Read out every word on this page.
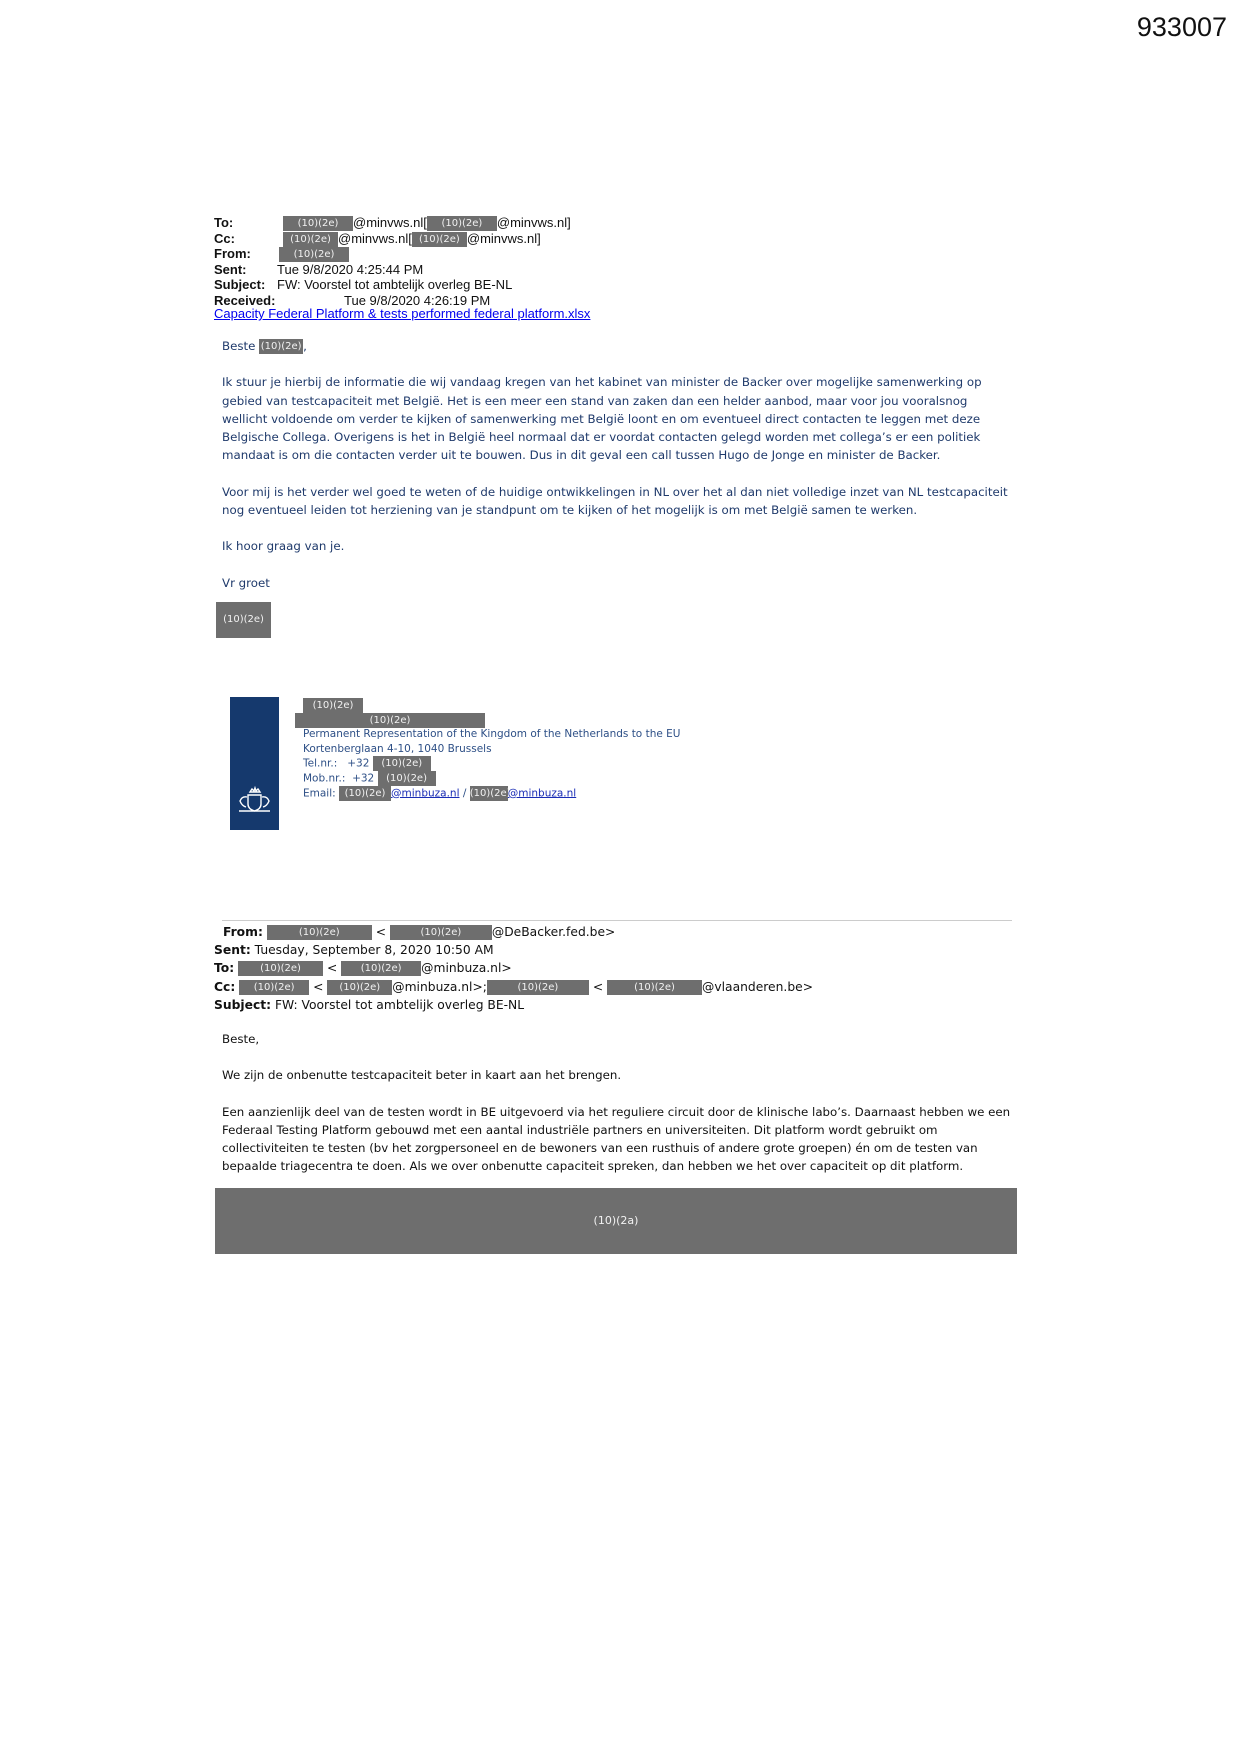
933007
To:	(10)(2e) @minvws.nl[ (10)(2e) @minvws.nl]
Cc:	(10)(2e) @minvws.nl[ (10)(2e) @minvws.nl]
From:	(10)(2e)
Sent: Tue 9/8/2020 4:25:44 PM
Subject: FW: Voorstel tot ambtelijk overleg BE-NL
Received:	Tue 9/8/2020 4:26:19 PM
Capacity Federal Platform & tests performed federal platform.xlsx

Beste (10)(2e) ,

Ik stuur je hierbij de informatie die wij vandaag kregen van het kabinet van minister de Backer over mogelijke samenwerking op gebied van testcapaciteit met België. Het is een meer een stand van zaken dan een helder aanbod, maar voor jou vooralsnog wellicht voldoende om verder te kijken of samenwerking met België loont en om eventueel direct contacten te leggen met deze Belgische Collega. Overigens is het in België heel normaal dat er voordat contacten gelegd worden met collega’s er een politiek mandaat is om die contacten verder uit te bouwen. Dus in dit geval een call tussen Hugo de Jonge en minister de Backer.

Voor mij is het verder wel goed te weten of de huidige ontwikkelingen in NL over het al dan niet volledige inzet van NL testcapaciteit nog eventueel leiden tot herziening van je standpunt om te kijken of het mogelijk is om met België samen te werken.

Ik hoor graag van je.

Vr groet

(10)(2e)
(10)(2e)
(10)(2e)
Permanent Representation of the Kingdom of the Netherlands to the EU
Kortenberglaan 4-10, 1040 Brussels
Tel.nr.: +32 (10)(2e)
Mob.nr.: +32 (10)(2e)
Email: (10)(2e) @minbuza.nl / (10)(2e)@minbuza.nl
From:	(10)(2e)	<	(10)(2e) @DeBacker.fed.be>
Sent: Tuesday, September 8, 2020 10:50 AM
To:	(10)(2e) < (10)(2e) @minbuza.nl>
Cc: (10)(2e) < (10)(2e) @minbuza.nl>;	(10)(2e) <	(10)(2e) @vlaanderen.be>
Subject: FW: Voorstel tot ambtelijk overleg BE-NL

Beste,

We zijn de onbenutte testcapaciteit beter in kaart aan het brengen.

Een aanzienlijk deel van de testen wordt in BE uitgevoerd via het reguliere circuit door de klinische labo’s. Daarnaast hebben we een Federaal Testing Platform gebouwd met een aantal industriële partners en universiteiten. Dit platform wordt gebruikt om collectiviteiten te testen (bv het zorgpersoneel en de bewoners van een rusthuis of andere grote groepen) én om de testen van bepaalde triagecentra te doen. Als we over onbenutte capaciteit spreken, dan hebben we het over capaciteit op dit platform.

(10)(2a)
